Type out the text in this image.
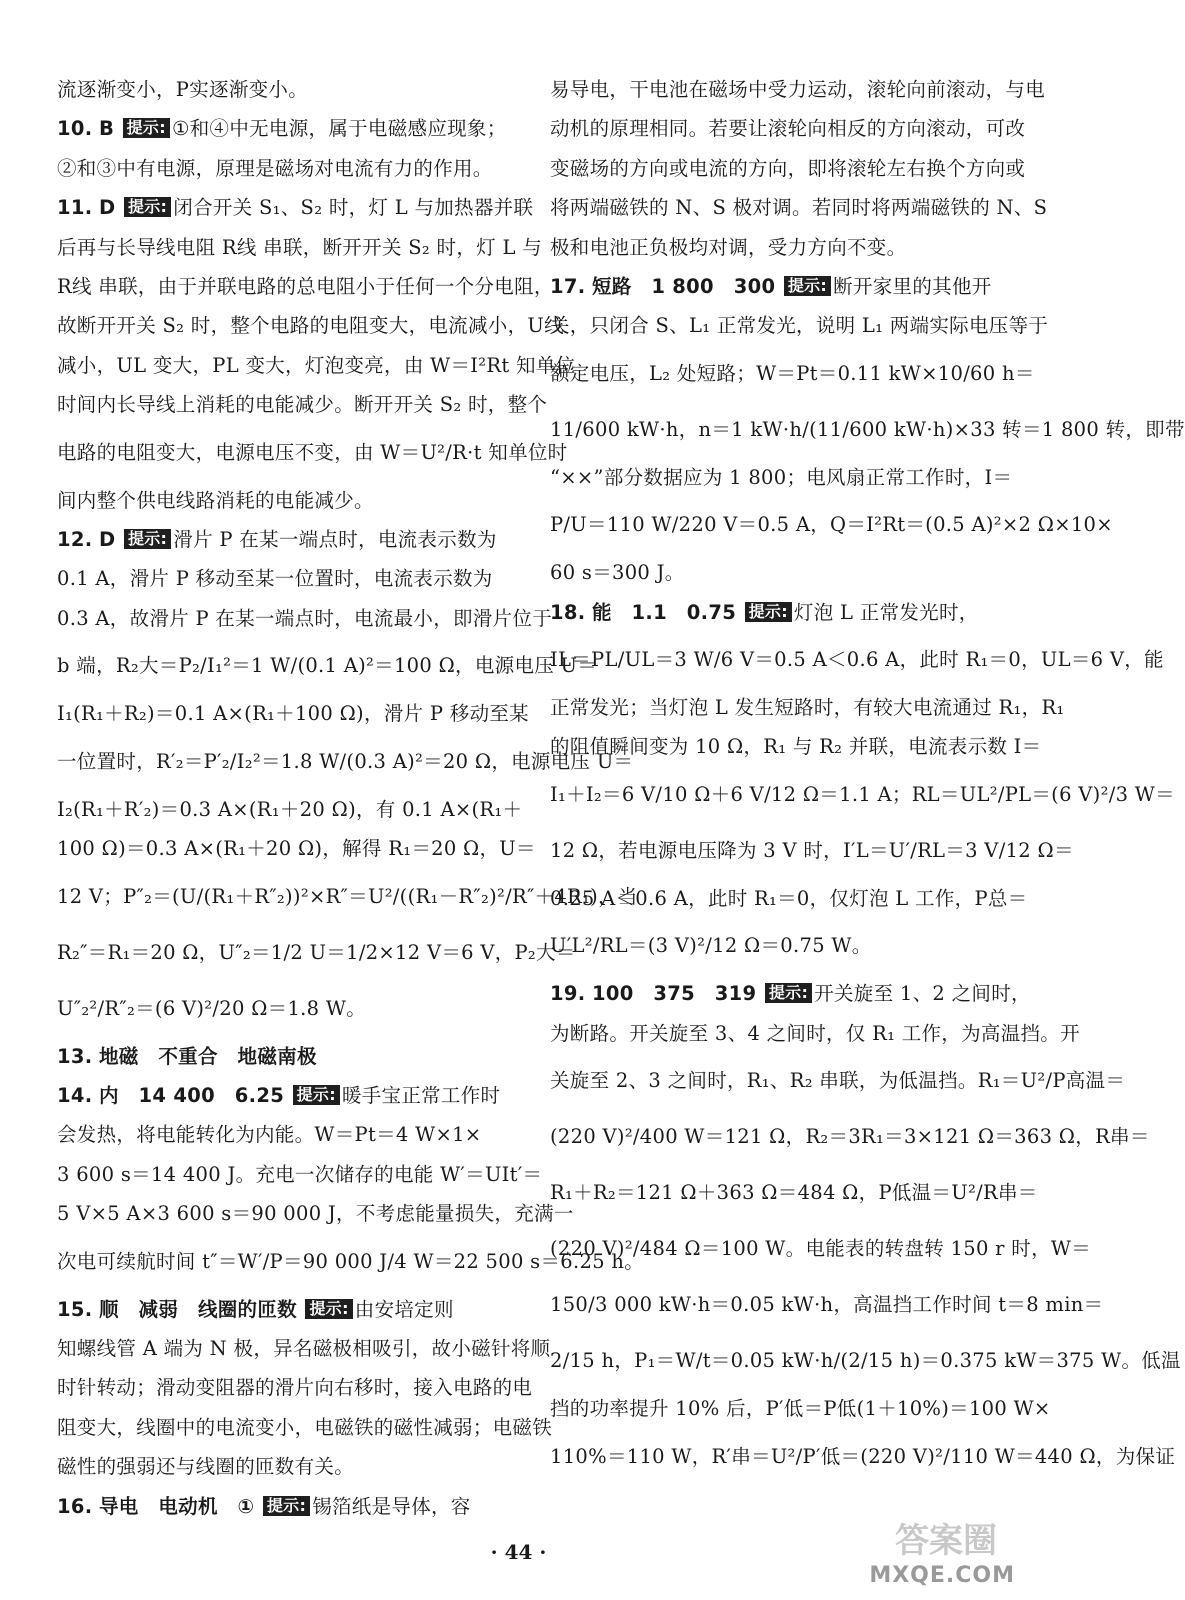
流逐渐变小，P实逐渐变小。
10. B 提示: ①和④中无电源，属于电磁感应现象；
②和③中有电源，原理是磁场对电流有力的作用。
11. D 提示: 闭合开关 S₁、S₂ 时，灯 L 与加热器并联
后再与长导线电阻 R线 串联，断开开关 S₂ 时，灯 L 与
R线 串联，由于并联电路的总电阻小于任何一个分电阻，
故断开开关 S₂ 时，整个电路的电阻变大，电流减小，U线
减小，UL 变大，PL 变大，灯泡变亮，由 W＝I²Rt 知单位
时间内长导线上消耗的电能减少。断开开关 S₂ 时，整个
电路的电阻变大，电源电压不变，由 W＝U²/R·t 知单位时
间内整个供电线路消耗的电能减少。
12. D 提示: 滑片 P 在某一端点时，电流表示数为
0.1 A，滑片 P 移动至某一位置时，电流表示数为
0.3 A，故滑片 P 在某一端点时，电流最小，即滑片位于
b 端，R₂大＝P₂/I₁²＝1 W/(0.1 A)²＝100 Ω，电源电压 U＝
I₁(R₁＋R₂)＝0.1 A×(R₁＋100 Ω)，滑片 P 移动至某
一位置时，R′₂＝P′₂/I₂²＝1.8 W/(0.3 A)²＝20 Ω，电源电压 U＝
I₂(R₁＋R′₂)＝0.3 A×(R₁＋20 Ω)，有 0.1 A×(R₁＋
100 Ω)＝0.3 A×(R₁＋20 Ω)，解得 R₁＝20 Ω，U＝
12 V；P″₂＝(U/(R₁＋R″₂))²×R″＝U²/((R₁－R″₂)²/R″＋4R₁)，当
R₂″＝R₁＝20 Ω，U″₂＝1/2 U＝1/2×12 V＝6 V，P₂大＝
U″₂²/R″₂＝(6 V)²/20 Ω＝1.8 W。
13. 地磁　不重合　地磁南极
14. 内　14 400　6.25 提示: 暖手宝正常工作时
会发热，将电能转化为内能。W＝Pt＝4 W×1×
3 600 s＝14 400 J。充电一次储存的电能 W′＝UIt′＝
5 V×5 A×3 600 s＝90 000 J，不考虑能量损失，充满一
次电可续航时间 t″＝W′/P＝90 000 J/4 W＝22 500 s＝6.25 h。
15. 顺　减弱　线圈的匝数 提示: 由安培定则
知螺线管 A 端为 N 极，异名磁极相吸引，故小磁针将顺
时针转动；滑动变阻器的滑片向右移时，接入电路的电
阻变大，线圈中的电流变小，电磁铁的磁性减弱；电磁铁
磁性的强弱还与线圈的匝数有关。
16. 导电　电动机　① 提示: 锡箔纸是导体，容
易导电，干电池在磁场中受力运动，滚轮向前滚动，与电
动机的原理相同。若要让滚轮向相反的方向滚动，可改
变磁场的方向或电流的方向，即将滚轮左右换个方向或
将两端磁铁的 N、S 极对调。若同时将两端磁铁的 N、S
极和电池正负极均对调，受力方向不变。
17. 短路　1 800　300 提示: 断开家里的其他开
关，只闭合 S、L₁ 正常发光，说明 L₁ 两端实际电压等于
额定电压，L₂ 处短路；W＝Pt＝0.11 kW×10/60 h＝
11/600 kW·h，n＝1 kW·h/(11/600 kW·h)×33 转＝1 800 转，即带
“××”部分数据应为 1 800；电风扇正常工作时，I＝
P/U＝110 W/220 V＝0.5 A，Q＝I²Rt＝(0.5 A)²×2 Ω×10×
60 s＝300 J。
18. 能　1.1　0.75 提示: 灯泡 L 正常发光时，
IL＝PL/UL＝3 W/6 V＝0.5 A＜0.6 A，此时 R₁＝0，UL＝6 V，能
正常发光；当灯泡 L 发生短路时，有较大电流通过 R₁，R₁
的阻值瞬间变为 10 Ω，R₁ 与 R₂ 并联，电流表示数 I＝
I₁＋I₂＝6 V/10 Ω＋6 V/12 Ω＝1.1 A；RL＝UL²/PL＝(6 V)²/3 W＝
12 Ω，若电源电压降为 3 V 时，I′L＝U′/RL＝3 V/12 Ω＝
0.25 A＜0.6 A，此时 R₁＝0，仅灯泡 L 工作，P总＝
U′L²/RL＝(3 V)²/12 Ω＝0.75 W。
19. 100　375　319 提示: 开关旋至 1、2 之间时，
为断路。开关旋至 3、4 之间时，仅 R₁ 工作，为高温挡。开
关旋至 2、3 之间时，R₁、R₂ 串联，为低温挡。R₁＝U²/P高温＝
(220 V)²/400 W＝121 Ω，R₂＝3R₁＝3×121 Ω＝363 Ω，R串＝
R₁＋R₂＝121 Ω＋363 Ω＝484 Ω，P低温＝U²/R串＝
(220 V)²/484 Ω＝100 W。电能表的转盘转 150 r 时，W＝
150/3 000 kW·h＝0.05 kW·h，高温挡工作时间 t＝8 min＝
2/15 h，P₁＝W/t＝0.05 kW·h/(2/15 h)＝0.375 kW＝375 W。低温
挡的功率提升 10% 后，P′低＝P低(1＋10%)＝100 W×
110%＝110 W，R′串＝U²/P′低＝(220 V)²/110 W＝440 Ω，为保证
· 44 ·	答案圈
MXQE.COM
